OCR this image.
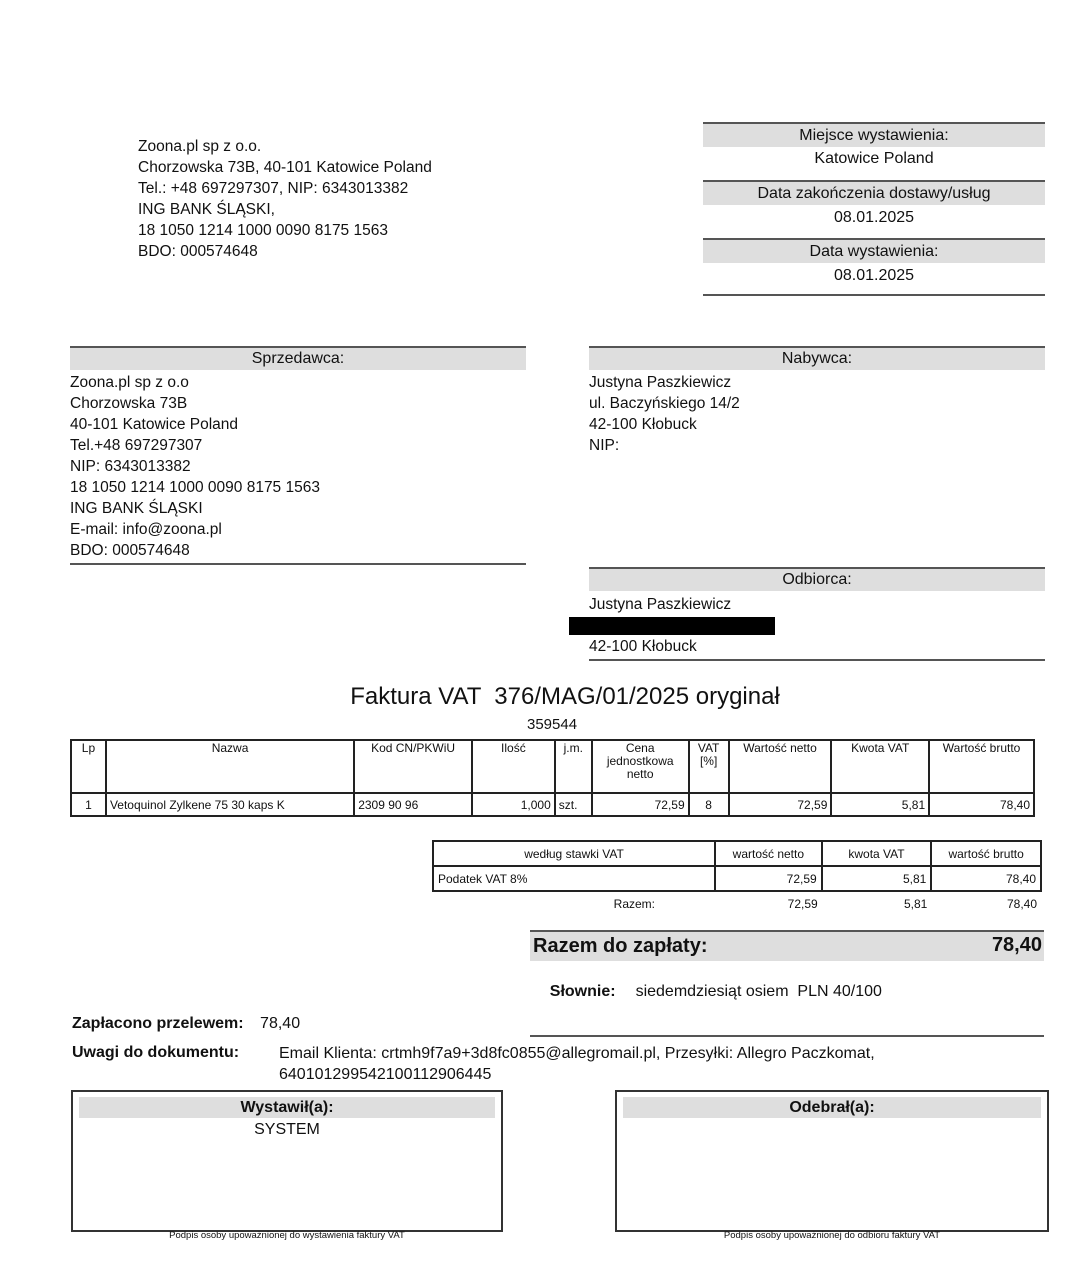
Zoona.pl sp z o.o.
Chorzowska 73B, 40-101 Katowice Poland
Tel.: +48 697297307, NIP: 6343013382
ING BANK ŚLĄSKI,
18 1050 1214 1000 0090 8175 1563
BDO: 000574648
Miejsce wystawienia:
Katowice Poland
Data zakończenia dostawy/usług
08.01.2025
Data wystawienia:
08.01.2025
Sprzedawca:
Zoona.pl sp z o.o
Chorzowska 73B
40-101 Katowice Poland
Tel.+48 697297307
NIP: 6343013382
18 1050 1214 1000 0090 8175 1563
ING BANK ŚLĄSKI
E-mail: info@zoona.pl
BDO: 000574648
Nabywca:
Justyna Paszkiewicz
ul. Baczyńskiego 14/2
42-100 Kłobuck
NIP:
Odbiorca:
Justyna Paszkiewicz
42-100 Kłobuck
Faktura VAT  376/MAG/01/2025 oryginał
359544
Lp	Nazwa	Kod CN/PKWiU	Ilość	j.m.	Cena jednostkowa netto	VAT [%]	Wartość netto	Kwota VAT	Wartość brutto
1	Vetoquinol Zylkene 75 30 kaps K	2309 90 96	1,000	szt.	72,59	8	72,59	5,81	78,40
według stawki VAT	wartość netto	kwota VAT	wartość brutto
Podatek VAT 8%	72,59	5,81	78,40
Razem:	72,59	5,81	78,40
Razem do zapłaty:	78,40

Słownie: siedemdziesiąt osiem  PLN 40/100

Zapłacono przelewem: 78,40
Uwagi do dokumentu: Email Klienta: crtmh9f7a9+3d8fc0855@allegromail.pl, Przesyłki: Allegro Paczkomat,
640101299542100112906445
Wystawił(a):
SYSTEM
Podpis osoby upoważnionej do wystawienia faktury VAT
Odebrał(a):
Podpis osoby upoważnionej do odbioru faktury VAT
